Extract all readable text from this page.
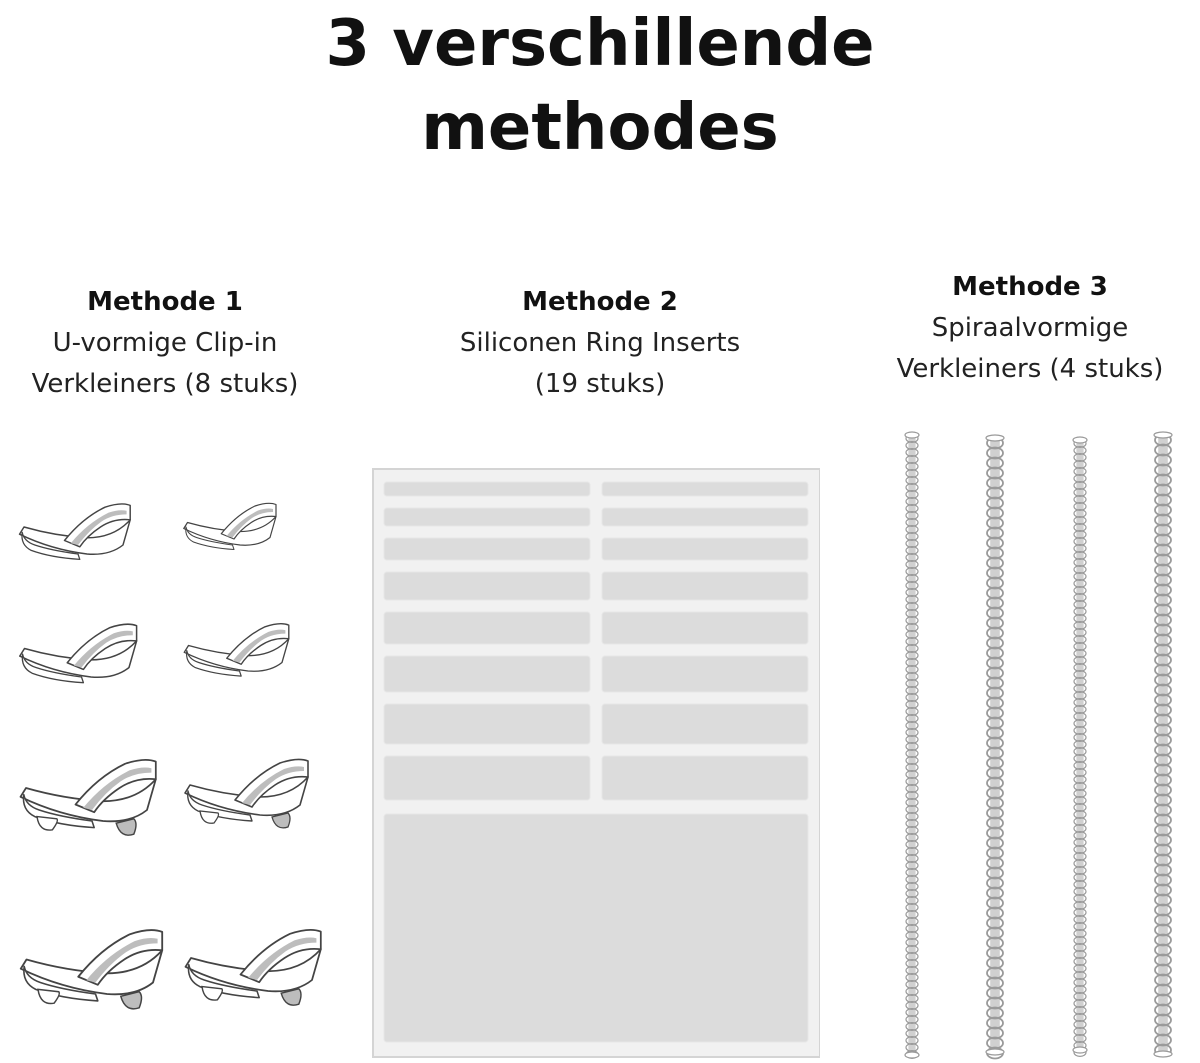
3 verschillende
methodes
Methode 1
U-vormige Clip-in
Verkleiners (8 stuks)
Methode 2
Siliconen Ring Inserts
(19 stuks)
Methode 3
Spiraalvormige
Verkleiners (4 stuks)
